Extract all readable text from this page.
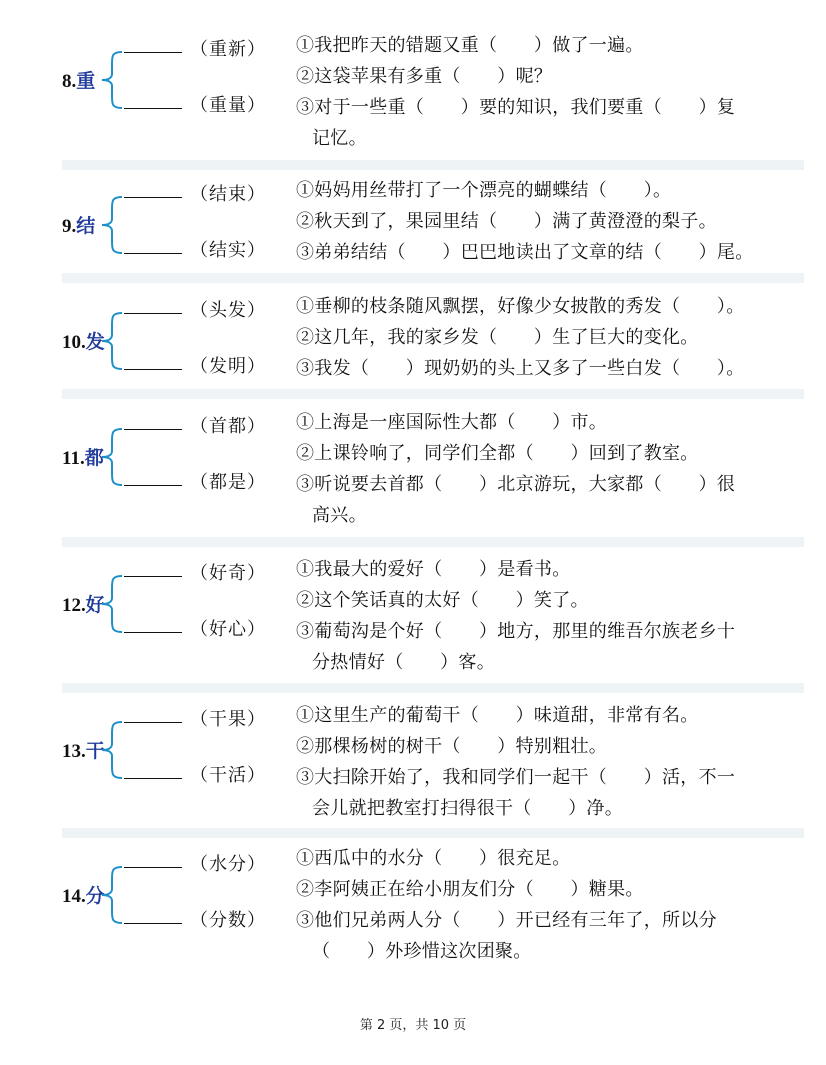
8.重
（重新）
（重量）
①我把昨天的错题又重（　　）做了一遍。
②这袋苹果有多重（　　）呢？
③对于一些重（　　）要的知识，我们要重（　　）复
记忆。
9.结
（结束）
（结实）
①妈妈用丝带打了一个漂亮的蝴蝶结（　　）。
②秋天到了，果园里结（　　）满了黄澄澄的梨子。
③弟弟结结（　　）巴巴地读出了文章的结（　　）尾。
10.发
（头发）
（发明）
①垂柳的枝条随风飘摆，好像少女披散的秀发（　　）。
②这几年，我的家乡发（　　）生了巨大的变化。
③我发（　　）现奶奶的头上又多了一些白发（　　）。
11.都
（首都）
（都是）
①上海是一座国际性大都（　　）市。
②上课铃响了，同学们全都（　　）回到了教室。
③听说要去首都（　　）北京游玩，大家都（　　）很
高兴。
12.好
（好奇）
（好心）
①我最大的爱好（　　）是看书。
②这个笑话真的太好（　　）笑了。
③葡萄沟是个好（　　）地方，那里的维吾尔族老乡十
分热情好（　　）客。
13.干
（干果）
（干活）
①这里生产的葡萄干（　　）味道甜，非常有名。
②那棵杨树的树干（　　）特别粗壮。
③大扫除开始了，我和同学们一起干（　　）活，不一
会儿就把教室打扫得很干（　　）净。
14.分
（水分）
（分数）
①西瓜中的水分（　　）很充足。
②李阿姨正在给小朋友们分（　　）糖果。
③他们兄弟两人分（　　）开已经有三年了，所以分
（　　）外珍惜这次团聚。
第 2 页，共 10 页
